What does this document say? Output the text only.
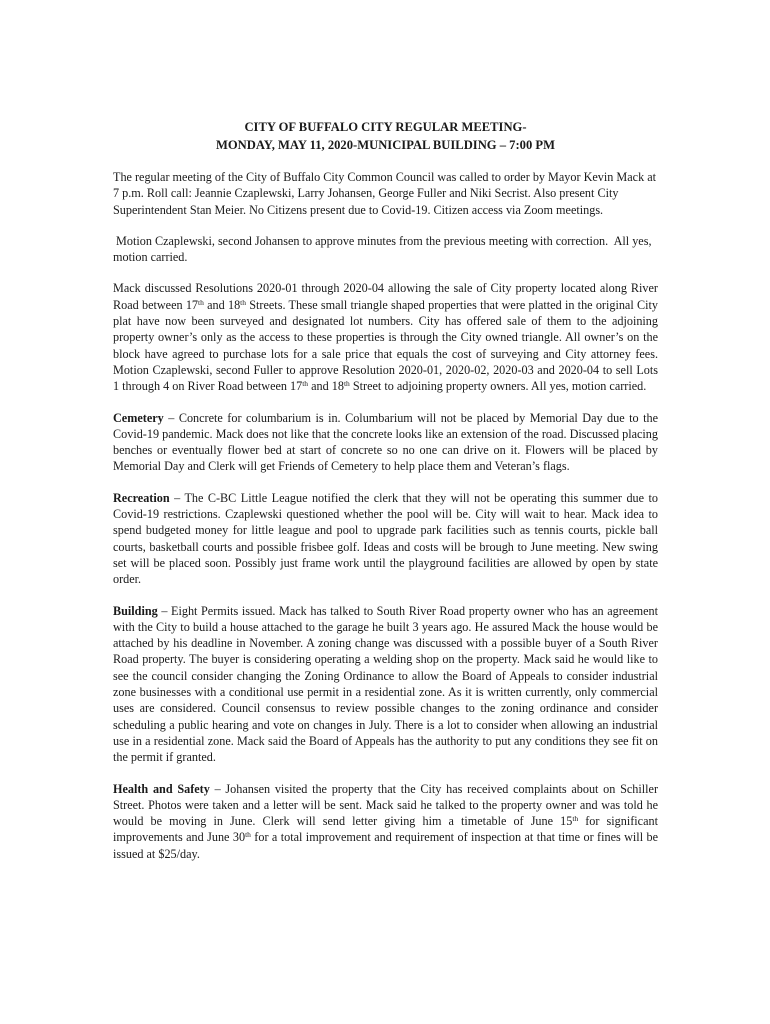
CITY OF BUFFALO CITY REGULAR MEETING-
MONDAY, MAY 11, 2020-MUNICIPAL BUILDING – 7:00 PM

The regular meeting of the City of Buffalo City Common Council was called to order by Mayor Kevin Mack at 7 p.m. Roll call: Jeannie Czaplewski, Larry Johansen, George Fuller and Niki Secrist. Also present City Superintendent Stan Meier. No Citizens present due to Covid-19. Citizen access via Zoom meetings.

Motion Czaplewski, second Johansen to approve minutes from the previous meeting with correction.  All yes, motion carried.

Mack discussed Resolutions 2020-01 through 2020-04 allowing the sale of City property located along River Road between 17th and 18th Streets. These small triangle shaped properties that were platted in the original City plat have now been surveyed and designated lot numbers. City has offered sale of them to the adjoining property owner’s only as the access to these properties is through the City owned triangle. All owner’s on the block have agreed to purchase lots for a sale price that equals the cost of surveying and City attorney fees. Motion Czaplewski, second Fuller to approve Resolution 2020-01, 2020-02, 2020-03 and 2020-04 to sell Lots 1 through 4 on River Road between 17th and 18th Street to adjoining property owners. All yes, motion carried.

Cemetery – Concrete for columbarium is in. Columbarium will not be placed by Memorial Day due to the Covid-19 pandemic. Mack does not like that the concrete looks like an extension of the road. Discussed placing benches or eventually flower bed at start of concrete so no one can drive on it. Flowers will be placed by Memorial Day and Clerk will get Friends of Cemetery to help place them and Veteran’s flags.

Recreation – The C-BC Little League notified the clerk that they will not be operating this summer due to Covid-19 restrictions. Czaplewski questioned whether the pool will be. City will wait to hear. Mack idea to spend budgeted money for little league and pool to upgrade park facilities such as tennis courts, pickle ball courts, basketball courts and possible frisbee golf. Ideas and costs will be brough to June meeting. New swing set will be placed soon. Possibly just frame work until the playground facilities are allowed by open by state order.

Building – Eight Permits issued. Mack has talked to South River Road property owner who has an agreement with the City to build a house attached to the garage he built 3 years ago. He assured Mack the house would be attached by his deadline in November. A zoning change was discussed with a possible buyer of a South River Road property. The buyer is considering operating a welding shop on the property. Mack said he would like to see the council consider changing the Zoning Ordinance to allow the Board of Appeals to consider industrial zone businesses with a conditional use permit in a residential zone. As it is written currently, only commercial uses are considered. Council consensus to review possible changes to the zoning ordinance and consider scheduling a public hearing and vote on changes in July. There is a lot to consider when allowing an industrial use in a residential zone. Mack said the Board of Appeals has the authority to put any conditions they see fit on the permit if granted.

Health and Safety – Johansen visited the property that the City has received complaints about on Schiller Street. Photos were taken and a letter will be sent. Mack said he talked to the property owner and was told he would be moving in June. Clerk will send letter giving him a timetable of June 15th for significant improvements and June 30th for a total improvement and requirement of inspection at that time or fines will be issued at $25/day.
